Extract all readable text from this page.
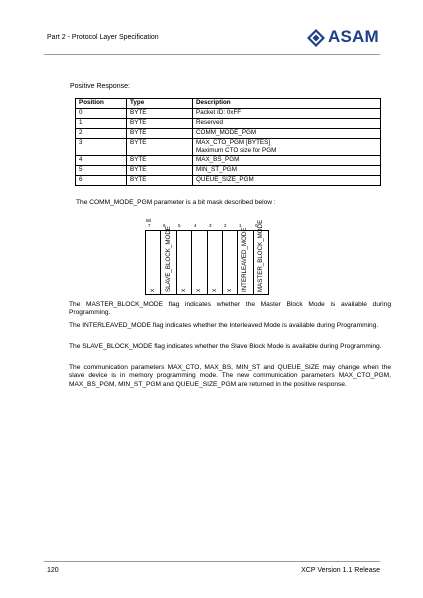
Part 2 - Protocol Layer Specification	ASAM
Positive Response:
Position	Type	Description
0	BYTE	Packet ID: 0xFF
1	BYTE	Reserved
2	BYTE	COMM_MODE_PGM
3	BYTE	MAX_CTO_PGM [BYTES]
Maximum CTO size for PGM

4	BYTE	MAX_BS_PGM
5	BYTE	MIN_ST_PGM
6	BYTE	QUEUE_SIZE_PGM
The COMM_MODE_PGM parameter is a bit mask described below :
Bit
7	6	5	4	3	2	1	0
x SLAVE_BLOCK_MODE x x x x INTERLEAVED_MODE MASTER_BLOCK_MODE
The MASTER_BLOCK_MODE flag indicates whether the Master Block Mode is available during Programming.
The INTERLEAVED_MODE flag indicates whether the Interleaved Mode is available during Programming.
The SLAVE_BLOCK_MODE flag indicates whether the Slave Block Mode is available during Programming.
The communication parameters MAX_CTO, MAX_BS, MIN_ST and QUEUE_SIZE may change when the slave device is in memory programming mode. The new communication parameters MAX_CTO_PGM, MAX_BS_PGM, MIN_ST_PGM and QUEUE_SIZE_PGM are returned in the positive response.
120	XCP Version 1.1 Release
